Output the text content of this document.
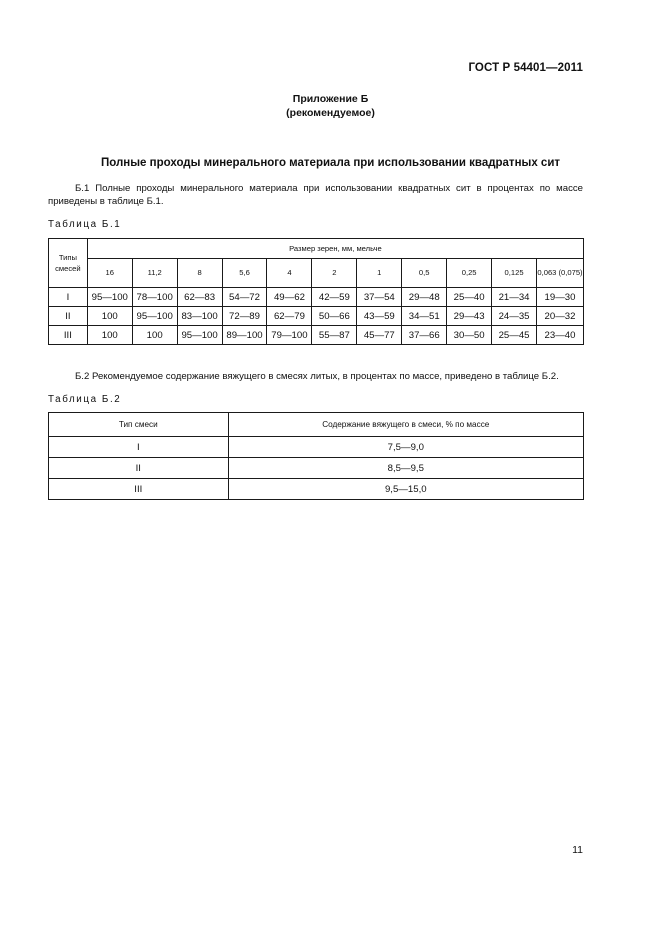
ГОСТ Р 54401—2011
Приложение Б
(рекомендуемое)
Полные проходы минерального материала при использовании квадратных сит
Б.1 Полные проходы минерального материала при использовании квадратных сит в процентах по массе приведены в таблице Б.1.
Таблица Б.1
Типы смесей	Размер зерен, мм, мельче										
	16	11,2	8	5,6	4	2	1	0,5	0,25	0,125	0,063 (0,075)
I	95—100	78—100	62—83	54—72	49—62	42—59	37—54	29—48	25—40	21—34	19—30
II	100	95—100	83—100	72—89	62—79	50—66	43—59	34—51	29—43	24—35	20—32
III	100	100	95—100	89—100	79—100	55—87	45—77	37—66	30—50	25—45	23—40
Б.2 Рекомендуемое содержание вяжущего в смесях литых, в процентах по массе, приведено в таблице Б.2.
Таблица Б.2
Тип смеси	Содержание вяжущего в смеси, % по массе
I	7,5—9,0
II	8,5—9,5
III	9,5—15,0
11
